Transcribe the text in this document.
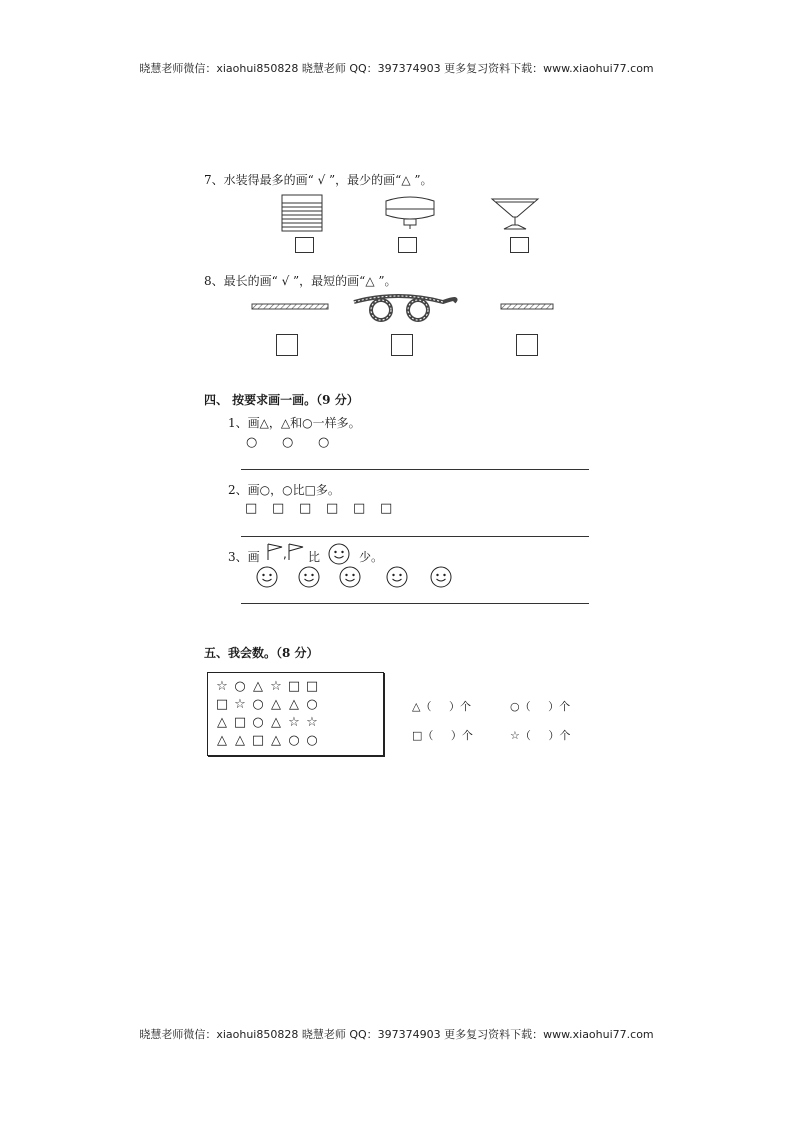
晓慧老师微信：xiaohui850828 晓慧老师 QQ：397374903 更多复习资料下载：www.xiaohui77.com
7、水装得最多的画“ √ ”，最少的画“△ ”。
8、最长的画“ √ ”，最短的画“△ ”。
四、 按要求画一画。（9 分）
1、画△，△和○一样多。
○ ○ ○
2、画○，○比□多。
□ □ □ □ □ □
3、画 , 比	少。
五、我会数。（8 分）
☆ ○ △ ☆ □ □
□ ☆ ○ △ △ ○
△ □ ○ △ ☆ ☆
△ △ □ △ ○ ○
△（     ）个	○（     ）个
□（     ）个	☆（     ）个
晓慧老师微信：xiaohui850828 晓慧老师 QQ：397374903 更多复习资料下载：www.xiaohui77.com
